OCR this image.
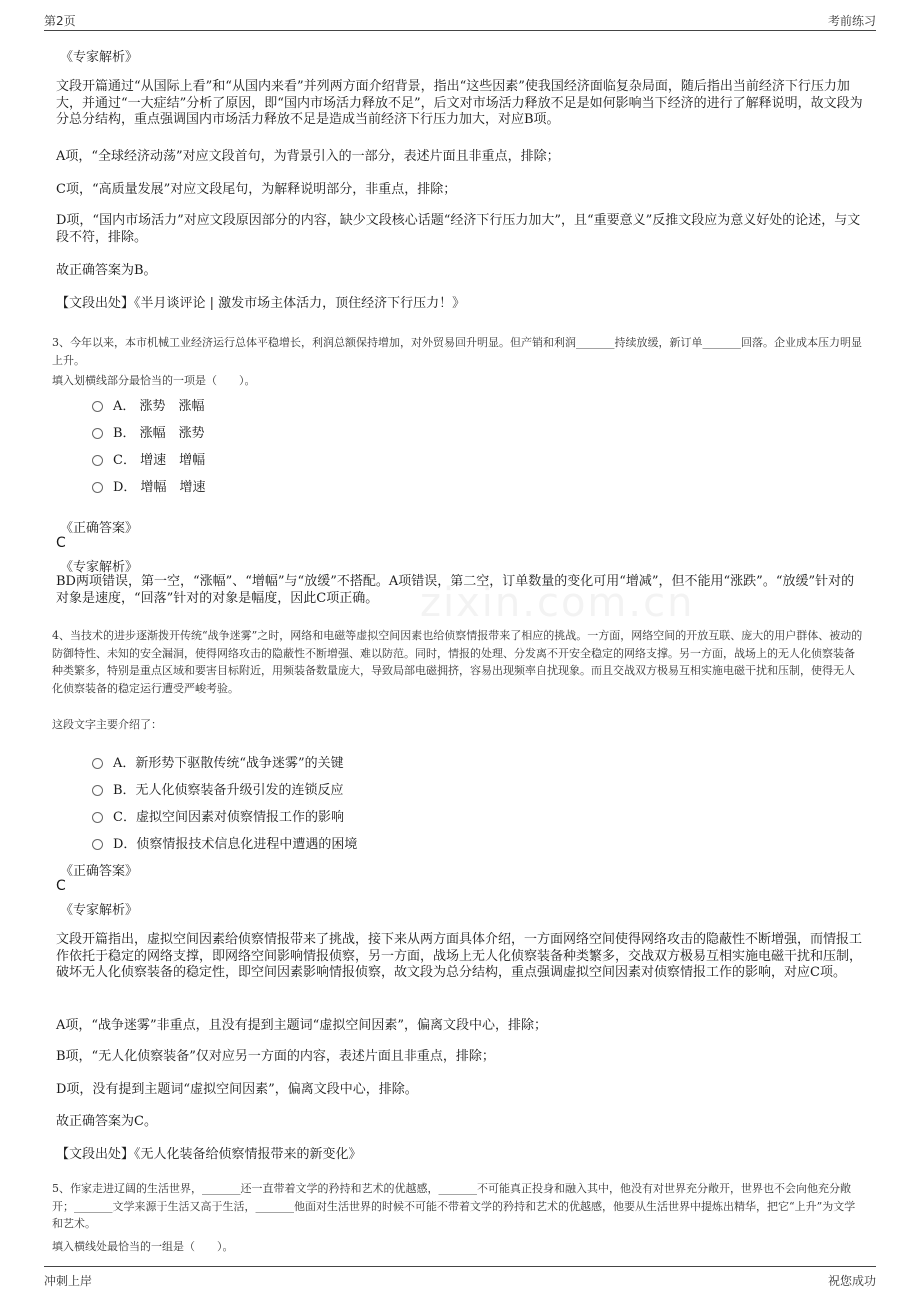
第2页	考前练习
zixin.com.cn
《专家解析》
文段开篇通过“从国际上看”和“从国内来看”并列两方面介绍背景，指出“这些因素”使我国经济面临复杂局面，随后指出当前经济下行压力加大，并通过“一大症结”分析了原因，即“国内市场活力释放不足”，后文对市场活力释放不足是如何影响当下经济的进行了解释说明，故文段为分总分结构，重点强调国内市场活力释放不足是造成当前经济下行压力加大，对应B项。
A项，“全球经济动荡”对应文段首句，为背景引入的一部分，表述片面且非重点，排除；
C项，“高质量发展”对应文段尾句，为解释说明部分，非重点，排除；
D项，“国内市场活力”对应文段原因部分的内容，缺少文段核心话题“经济下行压力加大”，且“重要意义”反推文段应为意义好处的论述，与文段不符，排除。
故正确答案为B。
【文段出处】《半月谈评论 | 激发市场主体活力，顶住经济下行压力！》
3、今年以来，本市机械工业经济运行总体平稳增长，利润总额保持增加，对外贸易回升明显。但产销和利润_______持续放缓，新订单_______回落。企业成本压力明显上升。
填入划横线部分最恰当的一项是（　　）。
A． 涨势　涨幅
B． 涨幅　涨势
C． 增速　增幅
D． 增幅　增速
《正确答案》
C
《专家解析》
BD两项错误，第一空，“涨幅”、“增幅”与“放缓”不搭配。A项错误，第二空，订单数量的变化可用“增减”，但不能用“涨跌”。“放缓”针对的对象是速度，“回落”针对的对象是幅度，因此C项正确。
4、当技术的进步逐渐拨开传统“战争迷雾”之时，网络和电磁等虚拟空间因素也给侦察情报带来了相应的挑战。一方面，网络空间的开放互联、庞大的用户群体、被动的防御特性、未知的安全漏洞，使得网络攻击的隐蔽性不断增强、难以防范。同时，情报的处理、分发离不开安全稳定的网络支撑。另一方面，战场上的无人化侦察装备种类繁多，特别是重点区域和要害目标附近，用频装备数量庞大，导致局部电磁拥挤，容易出现频率自扰现象。而且交战双方极易互相实施电磁干扰和压制，使得无人化侦察装备的稳定运行遭受严峻考验。
这段文字主要介绍了：
A．新形势下驱散传统“战争迷雾”的关键
B．无人化侦察装备升级引发的连锁反应
C．虚拟空间因素对侦察情报工作的影响
D．侦察情报技术信息化进程中遭遇的困境
《正确答案》
C
《专家解析》
文段开篇指出，虚拟空间因素给侦察情报带来了挑战，接下来从两方面具体介绍，一方面网络空间使得网络攻击的隐蔽性不断增强，而情报工作依托于稳定的网络支撑，即网络空间影响情报侦察，另一方面，战场上无人化侦察装备种类繁多，交战双方极易互相实施电磁干扰和压制，破坏无人化侦察装备的稳定性，即空间因素影响情报侦察，故文段为总分结构，重点强调虚拟空间因素对侦察情报工作的影响，对应C项。
A项，“战争迷雾”非重点，且没有提到主题词“虚拟空间因素”，偏离文段中心，排除；
B项，“无人化侦察装备”仅对应另一方面的内容，表述片面且非重点，排除；
D项，没有提到主题词“虚拟空间因素”，偏离文段中心，排除。
故正确答案为C。
【文段出处】《无人化装备给侦察情报带来的新变化》
5、作家走进辽阔的生活世界，_______还一直带着文学的矜持和艺术的优越感，_______不可能真正投身和融入其中，他没有对世界充分敞开，世界也不会向他充分敞开；_______文学来源于生活又高于生活，_______他面对生活世界的时候不可能不带着文学的矜持和艺术的优越感，他要从生活世界中提炼出精华，把它“上升”为文学和艺术。
填入横线处最恰当的一组是（　　）。
冲刺上岸	祝您成功
